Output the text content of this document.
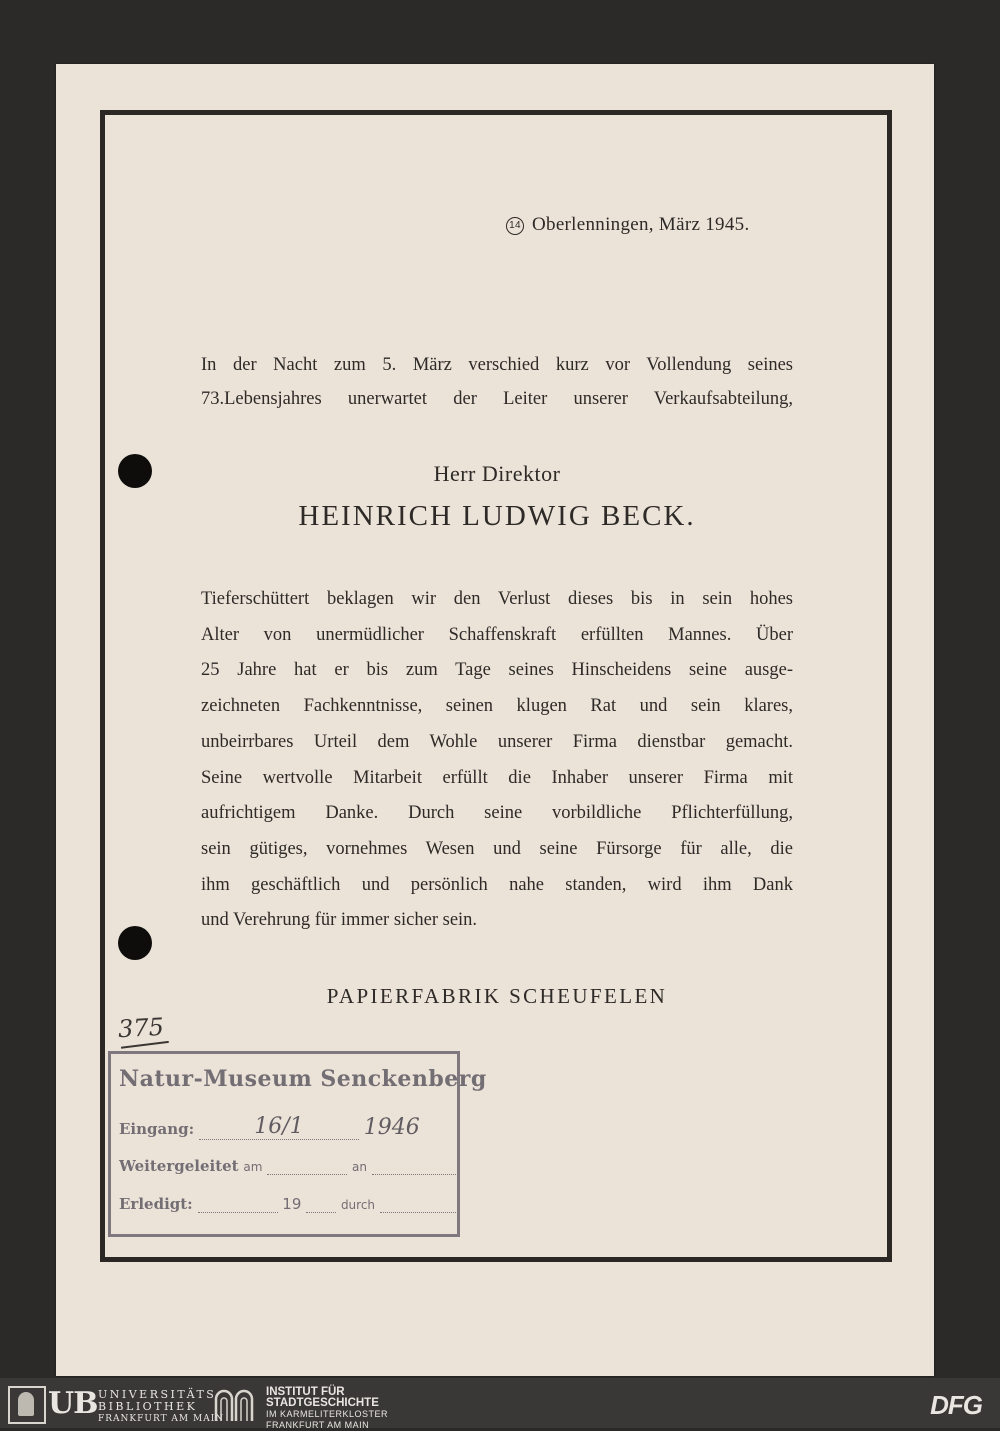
14 Oberlenningen, März 1945.
In der Nacht zum 5. März verschied kurz vor Vollendung seines
73.Lebensjahres unerwartet der Leiter unserer Verkaufsabteilung,
Herr Direktor
HEINRICH LUDWIG BECK.
Tieferschüttert beklagen wir den Verlust dieses bis in sein hohes
Alter von unermüdlicher Schaffenskraft erfüllten Mannes. Über
25 Jahre hat er bis zum Tage seines Hinscheidens seine ausge-
zeichneten Fachkenntnisse, seinen klugen Rat und sein klares,
unbeirrbares Urteil dem Wohle unserer Firma dienstbar gemacht.
Seine wertvolle Mitarbeit erfüllt die Inhaber unserer Firma mit
aufrichtigem Danke. Durch seine vorbildliche Pflichterfüllung,
sein gütiges, vornehmes Wesen und seine Fürsorge für alle, die
ihm geschäftlich und persönlich nahe standen, wird ihm Dank
und Verehrung für immer sicher sein.
PAPIERFABRIK SCHEUFELEN
375
Natur-Museum Senckenberg
Eingang:	16/1	1946
Weitergeleitet am	an
Erledigt:	19	durch
UB UNIVERSITÄTS
BIBLIOTHEK
FRANKFURT AM MAIN
INSTITUT FÜR
STADTGESCHICHTE
IM KARMELITERKLOSTER
FRANKFURT AM MAIN
DFG
